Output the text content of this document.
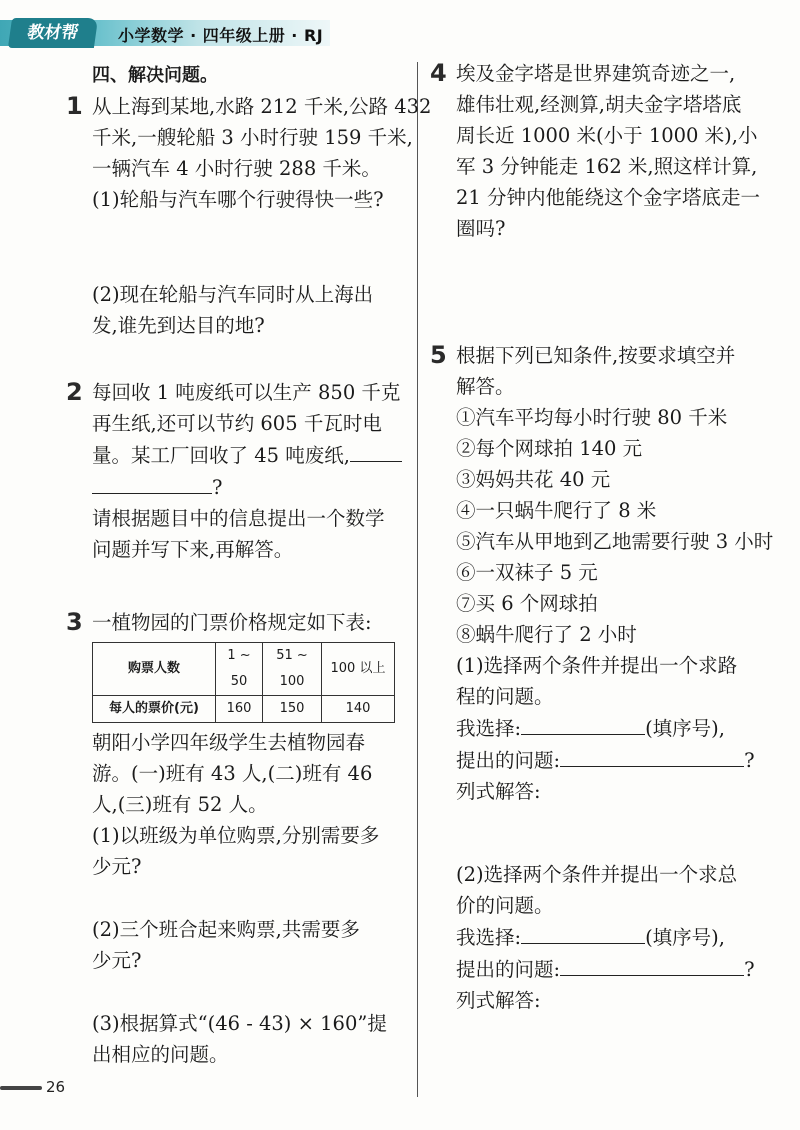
教材帮	小学数学 · 四年级上册 · RJ
四、解决问题。
1 从上海到某地,水路 212 千米,公路 432
千米,一艘轮船 3 小时行驶 159 千米,
一辆汽车 4 小时行驶 288 千米。
(1)轮船与汽车哪个行驶得快一些?
(2)现在轮船与汽车同时从上海出
发,谁先到达目的地?
2 每回收 1 吨废纸可以生产 850 千克
再生纸,还可以节约 605 千瓦时电
量。某工厂回收了 45 吨废纸,
?
请根据题目中的信息提出一个数学
问题并写下来,再解答。
3 一植物园的门票价格规定如下表:
购票人数	1 ~ 50	51 ~ 100	100 以上
每人的票价(元)	160	150	140
朝阳小学四年级学生去植物园春
游。(一)班有 43 人,(二)班有 46
人,(三)班有 52 人。
(1)以班级为单位购票,分别需要多
少元?
(2)三个班合起来购票,共需要多
少元?
(3)根据算式“(46 - 43) × 160”提
出相应的问题。
4 埃及金字塔是世界建筑奇迹之一,
雄伟壮观,经测算,胡夫金字塔塔底
周长近 1000 米(小于 1000 米),小
军 3 分钟能走 162 米,照这样计算,
21 分钟内他能绕这个金字塔底走一
圈吗?
5 根据下列已知条件,按要求填空并
解答。
①汽车平均每小时行驶 80 千米
②每个网球拍 140 元
③妈妈共花 40 元
④一只蜗牛爬行了 8 米
⑤汽车从甲地到乙地需要行驶 3 小时
⑥一双袜子 5 元
⑦买 6 个网球拍
⑧蜗牛爬行了 2 小时
(1)选择两个条件并提出一个求路
程的问题。
我选择:	(填序号),
提出的问题:	?
列式解答:
(2)选择两个条件并提出一个求总
价的问题。
我选择:	(填序号),
提出的问题:	?
列式解答:
26
